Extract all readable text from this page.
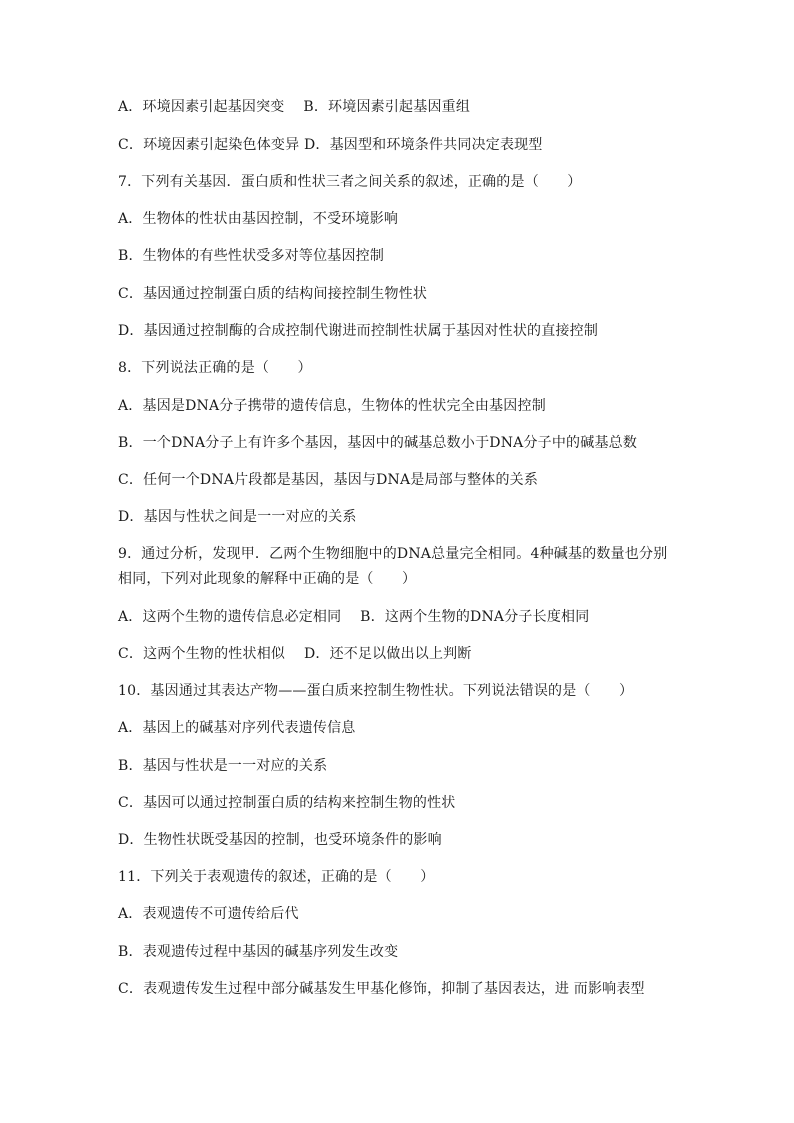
A．环境因素引起基因突变　 B．环境因素引起基因重组
C．环境因素引起染色体变异 D．基因型和环境条件共同决定表现型
7．下列有关基因．蛋白质和性状三者之间关系的叙述，正确的是（　　）
A．生物体的性状由基因控制，不受环境影响
B．生物体的有些性状受多对等位基因控制
C．基因通过控制蛋白质的结构间接控制生物性状
D．基因通过控制酶的合成控制代谢进而控制性状属于基因对性状的直接控制
8．下列说法正确的是（　　）
A．基因是DNA分子携带的遗传信息，生物体的性状完全由基因控制
B．一个DNA分子上有许多个基因，基因中的碱基总数小于DNA分子中的碱基总数
C．任何一个DNA片段都是基因，基因与DNA是局部与整体的关系
D．基因与性状之间是一一对应的关系
9．通过分析，发现甲．乙两个生物细胞中的DNA总量完全相同。4种碱基的数量也分别
相同，下列对此现象的解释中正确的是（　　）
A．这两个生物的遗传信息必定相同　 B．这两个生物的DNA分子长度相同
C．这两个生物的性状相似　 D．还不足以做出以上判断
10．基因通过其表达产物——蛋白质来控制生物性状。下列说法错误的是（　　）
A．基因上的碱基对序列代表遗传信息
B．基因与性状是一一对应的关系
C．基因可以通过控制蛋白质的结构来控制生物的性状
D．生物性状既受基因的控制，也受环境条件的影响
11．下列关于表观遗传的叙述，正确的是（　　）
A．表观遗传不可遗传给后代
B．表观遗传过程中基因的碱基序列发生改变
C．表观遗传发生过程中部分碱基发生甲基化修饰，抑制了基因表达，进 而影响表型
